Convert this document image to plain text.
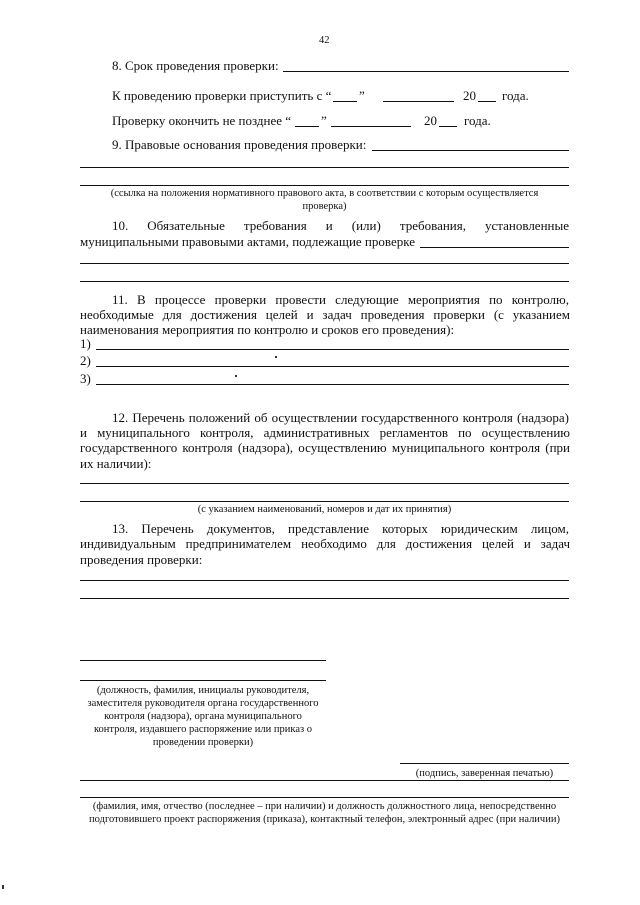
42
8. Срок проведения проверки:
К проведению проверки приступить с “ ”	20 года.
Проверку окончить не позднее “ ”	20 года.
9. Правовые основания проведения проверки:
(ссылка на положения нормативного правового акта, в соответствии с которым осуществляется
проверка)
10. Обязательные требования и (или) требования, установленные
муниципальными правовыми актами, подлежащие проверке
11. В процессе проверки провести следующие мероприятия по контролю,
необходимые для достижения целей и задач проведения проверки (с указанием
наименования мероприятия по контролю и сроков его проведения):
1)
2)
3)
12. Перечень положений об осуществлении государственного контроля (надзора)
и муниципального контроля, административных регламентов по осуществлению
государственного контроля (надзора), осуществлению муниципального контроля (при
их наличии):
(с указанием наименований, номеров и дат их принятия)
13. Перечень документов, представление которых юридическим лицом,
индивидуальным предпринимателем необходимо для достижения целей и задач
проведения проверки:
(должность, фамилия, инициалы руководителя,
заместителя руководителя органа государственного
контроля (надзора), органа муниципального
контроля, издавшего распоряжение или приказ о
проведении проверки)
(подпись, заверенная печатью)
(фамилия, имя, отчество (последнее – при наличии) и должность должностного лица, непосредственно
подготовившего проект распоряжения (приказа), контактный телефон, электронный адрес (при наличии)
